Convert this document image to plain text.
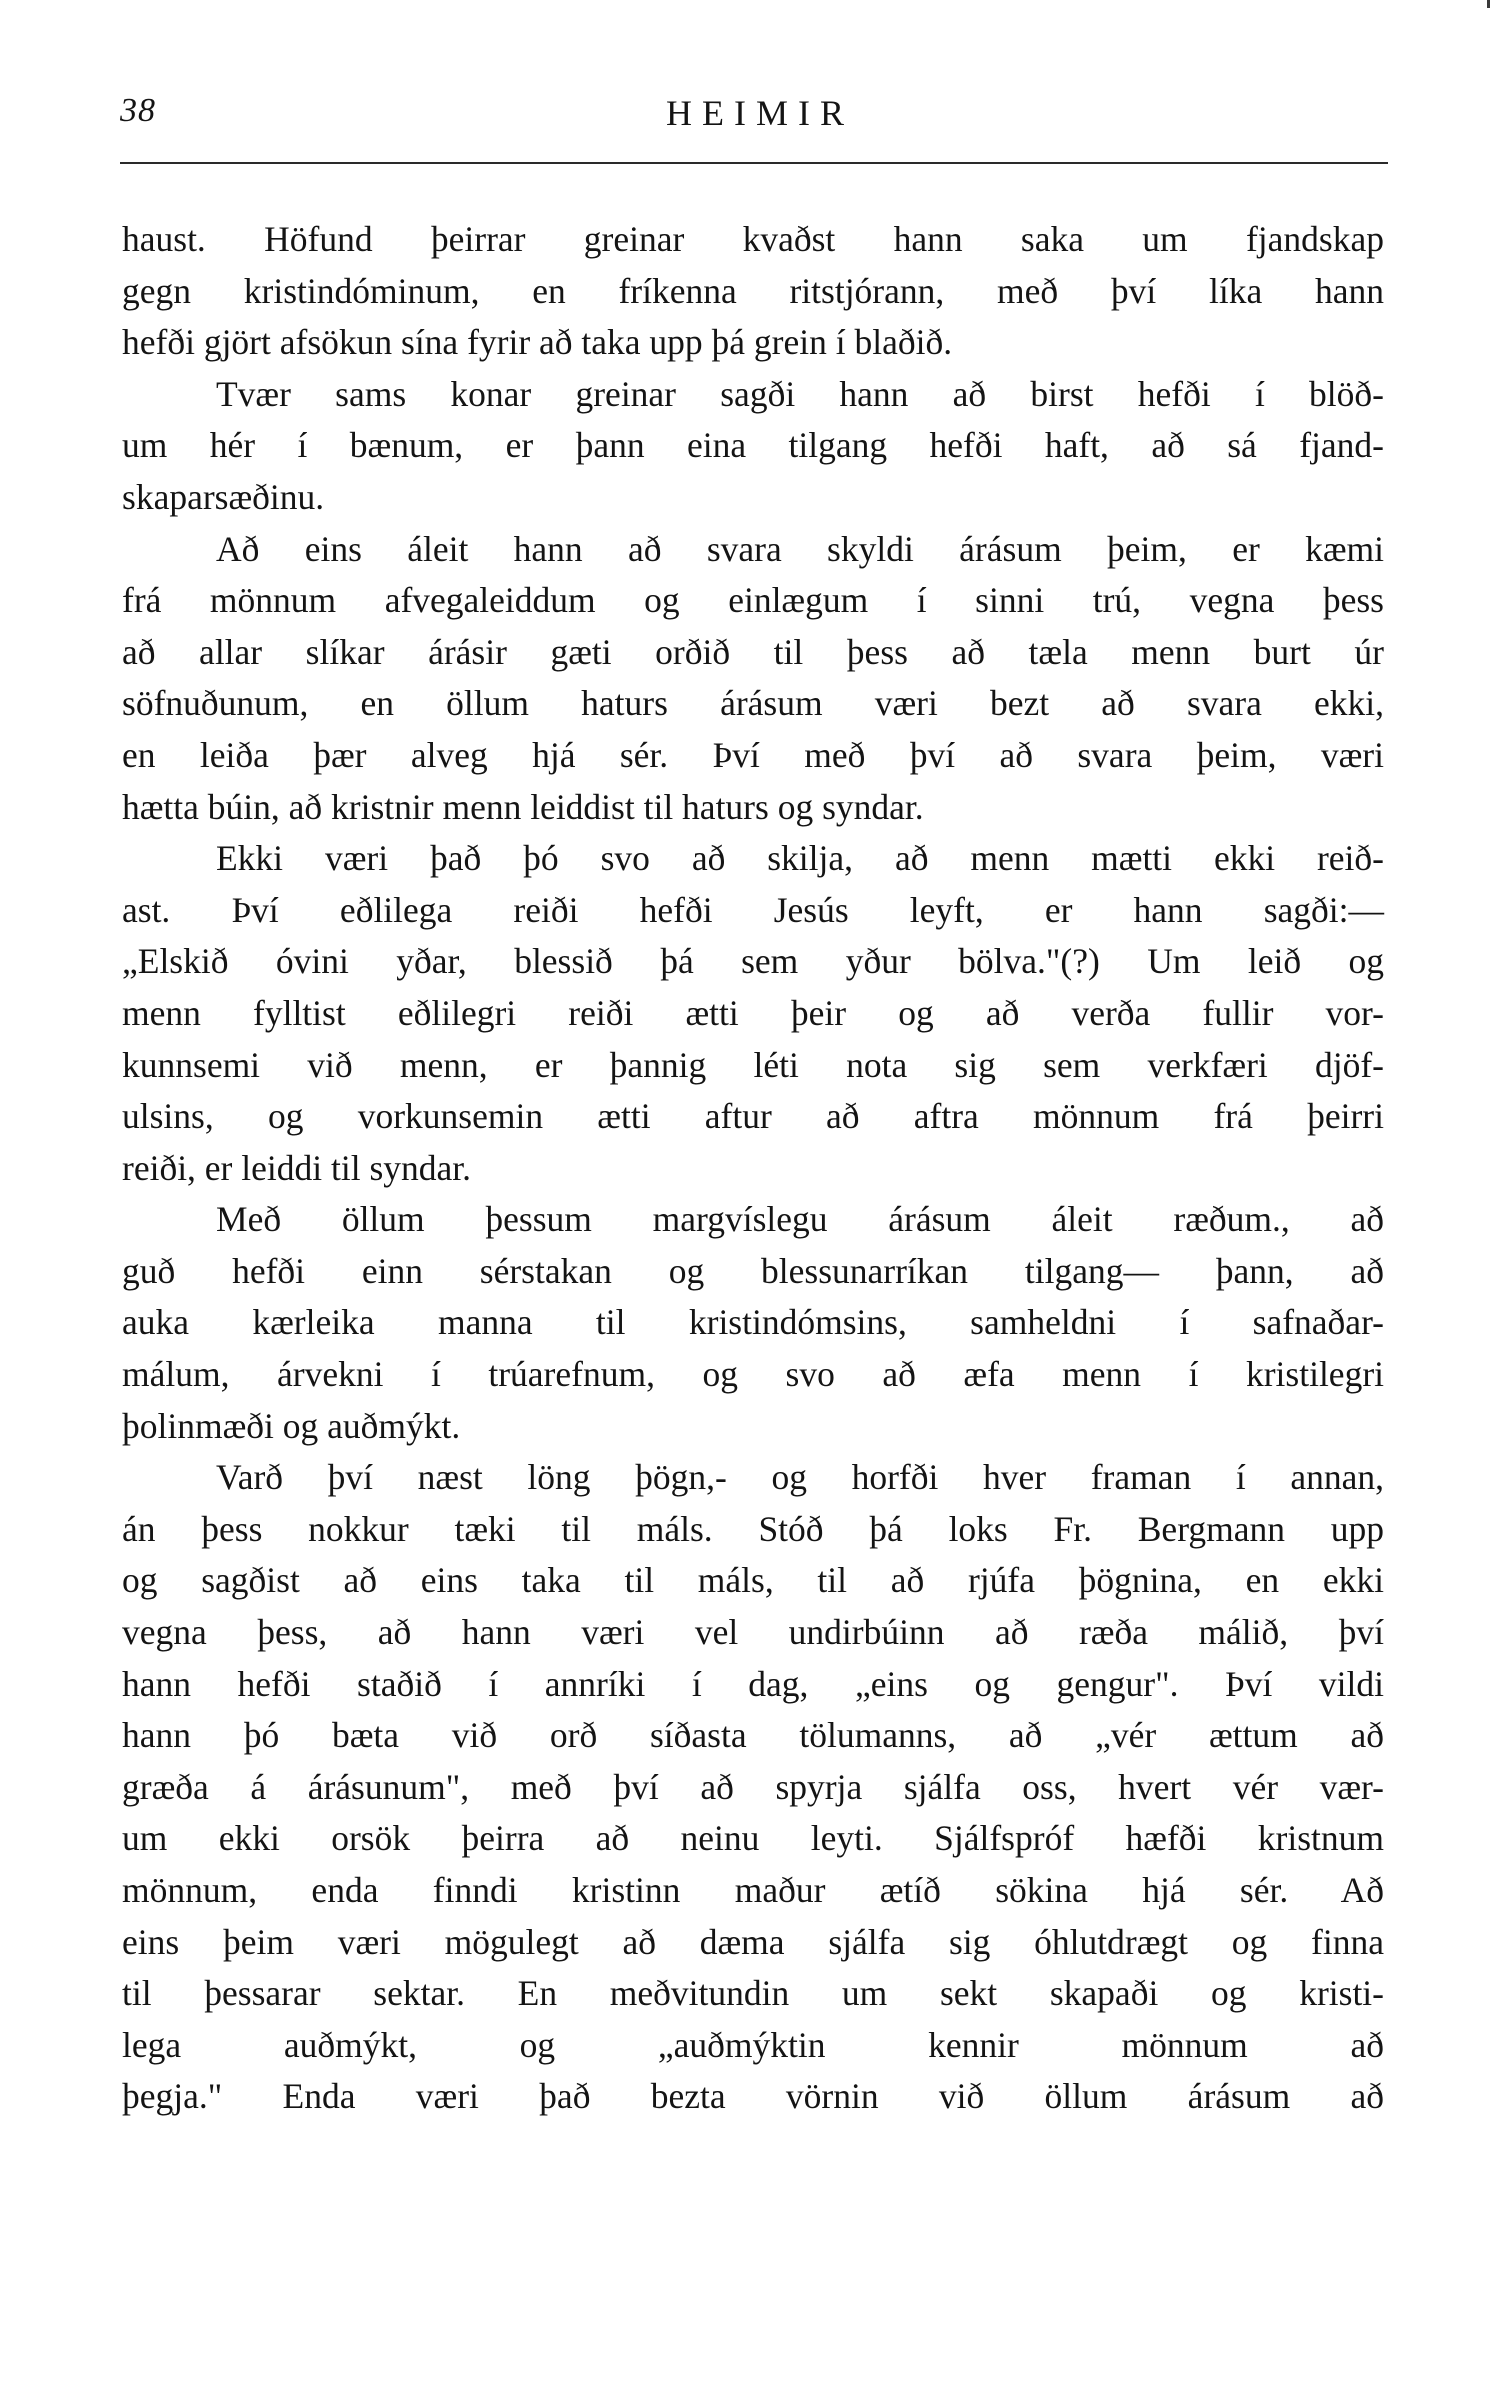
38	HEIMIR
haust. Höfund þeirrar greinar kvaðst hann saka um fjandskap
gegn kristindóminum, en fríkenna ritstjórann, með því líka hann
hefði gjört afsökun sína fyrir að taka upp þá grein í blaðið.
Tvær sams konar greinar sagði hann að birst hefði í blöð-
um hér í bænum, er þann eina tilgang hefði haft, að sá fjand-
skaparsæðinu.
Að eins áleit hann að svara skyldi árásum þeim, er kæmi
frá mönnum afvegaleiddum og einlægum í sinni trú, vegna þess
að allar slíkar árásir gæti orðið til þess að tæla menn burt úr
söfnuðunum, en öllum haturs árásum væri bezt að svara ekki,
en leiða þær alveg hjá sér. Því með því að svara þeim, væri
hætta búin, að kristnir menn leiddist til haturs og syndar.
Ekki væri það þó svo að skilja, að menn mætti ekki reið-
ast. Því eðlilega reiði hefði Jesús leyft, er hann sagði:—
„Elskið óvini yðar, blessið þá sem yður bölva."(?) Um leið og
menn fylltist eðlilegri reiði ætti þeir og að verða fullir vor-
kunnsemi við menn, er þannig léti nota sig sem verkfæri djöf-
ulsins, og vorkunsemin ætti aftur að aftra mönnum frá þeirri
reiði, er leiddi til syndar.
Með öllum þessum margvíslegu árásum áleit ræðum., að
guð hefði einn sérstakan og blessunarríkan tilgang— þann, að
auka kærleika manna til kristindómsins, samheldni í safnaðar-
málum, árvekni í trúarefnum, og svo að æfa menn í kristilegri
þolinmæði og auðmýkt.
Varð því næst löng þögn,- og horfði hver framan í annan,
án þess nokkur tæki til máls. Stóð þá loks Fr. Bergmann upp
og sagðist að eins taka til máls, til að rjúfa þögnina, en ekki
vegna þess, að hann væri vel undirbúinn að ræða málið, því
hann hefði staðið í annríki í dag, „eins og gengur". Því vildi
hann þó bæta við orð síðasta tölumanns, að „vér ættum að
græða á árásunum", með því að spyrja sjálfa oss, hvert vér vær-
um ekki orsök þeirra að neinu leyti. Sjálfspróf hæfði kristnum
mönnum, enda finndi kristinn maður ætíð sökina hjá sér. Að
eins þeim væri mögulegt að dæma sjálfa sig óhlutdrægt og finna
til þessarar sektar. En meðvitundin um sekt skapaði og kristi-
lega auðmýkt, og „auðmýktin kennir mönnum að
þegja." Enda væri það bezta vörnin við öllum árásum að
